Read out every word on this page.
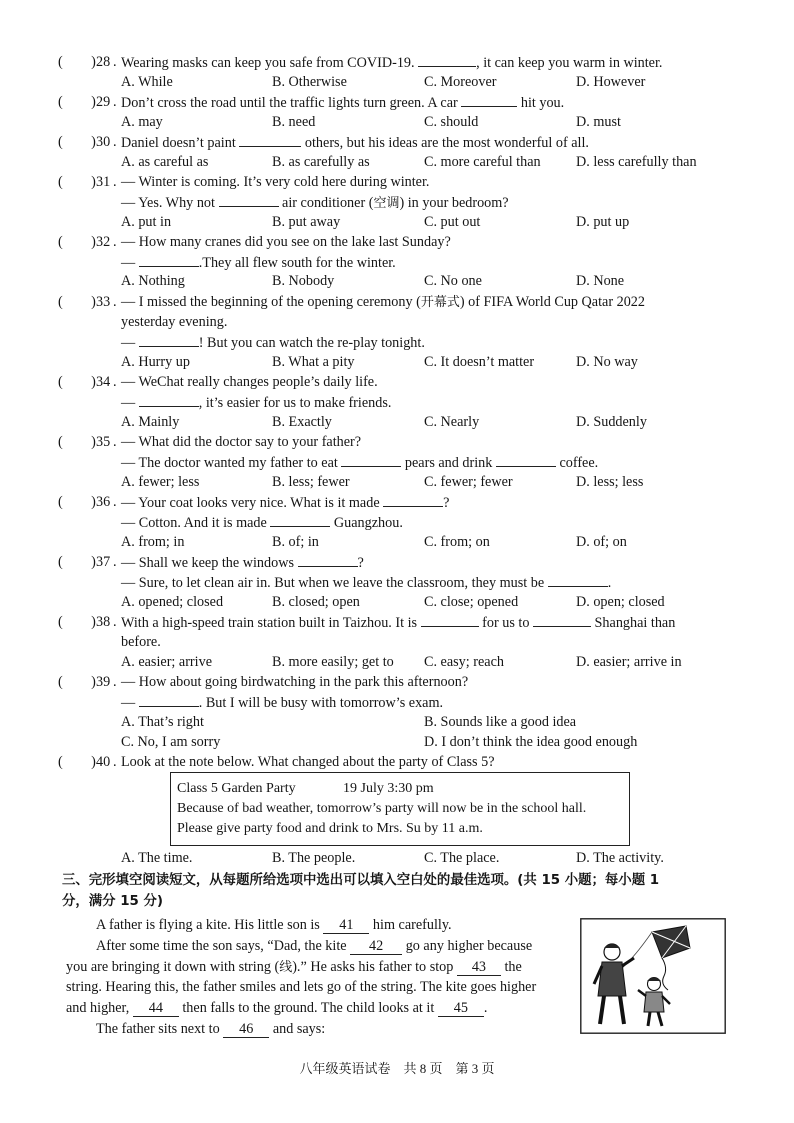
(　　) 28 . Wearing masks can keep you safe from COVID-19.	, it can keep you warm in winter.
A. While	B. Otherwise	C. Moreover	D. However
(　　) 29 . Don’t cross the road until the traffic lights turn green. A car	hit you.
A. may	B. need	C. should	D. must
(　　) 30 . Daniel doesn’t paint	others, but his ideas are the most wonderful of all.
A. as careful as	B. as carefully as	C. more careful than D. less carefully than
(　　) 31 . — Winter is coming. It’s very cold here during winter.
— Yes. Why not	air conditioner (空调) in your bedroom?
A. put in	B. put away	C. put out	D. put up
(　　) 32 . — How many cranes did you see on the lake last Sunday?
—	.They all flew south for the winter.
A. Nothing	B. Nobody	C. No one	D. None
(　　) 33 . — I missed the beginning of the opening ceremony (开幕式) of FIFA World Cup Qatar 2022
yesterday evening.
—	! But you can watch the re-play tonight.
A. Hurry up	B. What a pity	C. It doesn’t matter	D. No way
(　　) 34 . — WeChat really changes people’s daily life.
—	, it’s easier for us to make friends.
A. Mainly	B. Exactly	C. Nearly	D. Suddenly
(　　) 35 . — What did the doctor say to your father?
— The doctor wanted my father to eat	pears and drink	coffee.
A. fewer; less	B. less; fewer	C. fewer; fewer	D. less; less
(　　) 36 . — Your coat looks very nice. What is it made	?
— Cotton. And it is made	Guangzhou.
A. from; in	B. of; in	C. from; on	D. of; on
(　　) 37 . — Shall we keep the windows	?
— Sure, to let clean air in. But when we leave the classroom, they must be	.
A. opened; closed	B. closed; open	C. close; opened	D. open; closed
(　　) 38 . With a high-speed train station built in Taizhou. It is	for us to	Shanghai than
before.
A. easier; arrive	B. more easily; get to C. easy; reach	D. easier; arrive in
(　　) 39 . — How about going birdwatching in the park this afternoon?
—	. But I will be busy with tomorrow’s exam.
A. That’s right	B. Sounds like a good idea
C. No, I am sorry	D. I don’t think the idea good enough
(　　) 40 . Look at the note below. What changed about the party of Class 5?
A. The time.	B. The people.	C. The place.	D. The activity.
三、完形填空阅读短文，从每题所给选项中选出可以填入空白处的最佳选项。(共 15 小题；每小题 1
分，满分 15 分)
A father is flying a kite. His little son is 41 him carefully.
After some time the son says, “Dad, the kite 42 go any higher because
you are bringing it down with string (线).” He asks his father to stop 43 the
string. Hearing this, the father smiles and lets go of the string. The kite goes higher
and higher, 44 then falls to the ground. The child looks at it 45 .
The father sits next to 46 and says:
Class 5 Garden Party	19 July 3:30 pm
Because of bad weather, tomorrow’s party will now be in the school hall.
Please give party food and drink to Mrs. Su by 11 a.m.
八年级英语试卷　共 8 页　第 3 页
